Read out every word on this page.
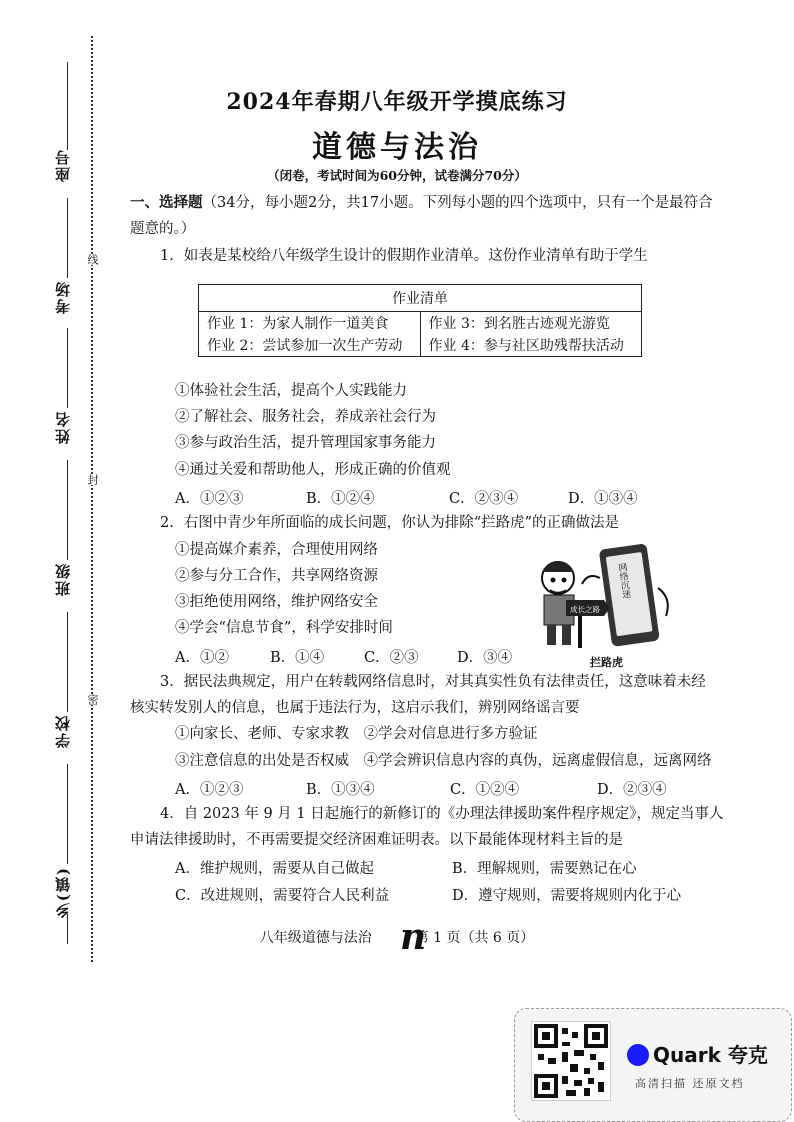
座号
考场
姓名
班级
学校
乡(镇)
线
封
密
2024年春期八年级开学摸底练习
道德与法治
（闭卷，考试时间为60分钟，试卷满分70分）
一、选择题（34分，每小题2分，共17小题。下列每小题的四个选项中，只有一个是最符合
题意的。）
1．如表是某校给八年级学生设计的假期作业清单。这份作业清单有助于学生
作业清单	
作业 1：为家人制作一道美食	作业 3：到名胜古迹观光游览
作业 2：尝试参加一次生产劳动	作业 4：参与社区助残帮扶活动
①体验社会生活，提高个人实践能力
②了解社会、服务社会，养成亲社会行为
③参与政治生活，提升管理国家事务能力
④通过关爱和帮助他人，形成正确的价值观
A．①②③	B．①②④	C．②③④	D．①③④
2．右图中青少年所面临的成长问题，你认为排除“拦路虎”的正确做法是
①提高媒介素养，合理使用网络
②参与分工合作，共享网络资源
③拒绝使用网络，维护网络安全
④学会“信息节食”，科学安排时间
A．①②	B．①④	C．②③	D．③④
网络沉迷
成长之路
拦路虎
3．据民法典规定，用户在转载网络信息时，对其真实性负有法律责任，这意味着未经
核实转发别人的信息，也属于违法行为，这启示我们，辨别网络谣言要
①向家长、老师、专家求教　②学会对信息进行多方验证
③注意信息的出处是否权威　④学会辨识信息内容的真伪，远离虚假信息，远离网络
A．①②③	B．①③④	C．①②④	D．②③④
4．自 2023 年 9 月 1 日起施行的新修订的《办理法律援助案件程序规定》，规定当事人
申请法律援助时，不再需要提交经济困难证明表。以下最能体现材料主旨的是
A．维护规则，需要从自己做起	B．理解规则，需要熟记在心
C．改进规则，需要符合人民利益	D．遵守规则，需要将规则内化于心
八年级道德与法治	第 1 页（共 6 页）
n
Quark 夸克
高清扫描 还原文档
